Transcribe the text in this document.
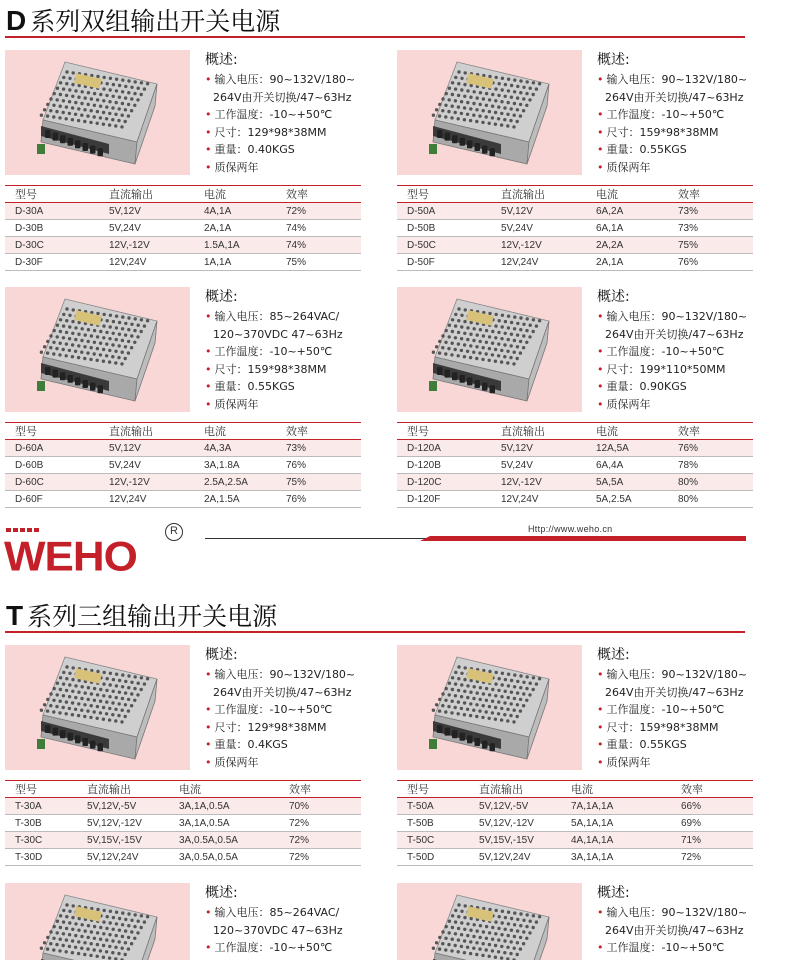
D 系列双组输出开关电源
概述:
• 输入电压：90~132V/180~
264V由开关切换/47~63Hz
• 工作温度：-10~+50℃
• 尺寸：129*98*38MM
• 重量：0.40KGS
• 质保两年
型号	直流输出	电流	效率
D-30A	5V,12V	4A,1A	72%
D-30B	5V,24V	2A,1A	74%
D-30C	12V,-12V	1.5A,1A	74%
D-30F	12V,24V	1A,1A	75%
概述:
• 输入电压：90~132V/180~
264V由开关切换/47~63Hz
• 工作温度：-10~+50℃
• 尺寸：159*98*38MM
• 重量：0.55KGS
• 质保两年
型号	直流输出	电流	效率
D-50A	5V,12V	6A,2A	73%
D-50B	5V,24V	6A,1A	73%
D-50C	12V,-12V	2A,2A	75%
D-50F	12V,24V	2A,1A	76%
概述:
• 输入电压：85~264VAC/
120~370VDC 47~63Hz
• 工作温度：-10~+50℃
• 尺寸：159*98*38MM
• 重量：0.55KGS
• 质保两年
型号	直流输出	电流	效率
D-60A	5V,12V	4A,3A	73%
D-60B	5V,24V	3A,1.8A	76%
D-60C	12V,-12V	2.5A,2.5A	75%
D-60F	12V,24V	2A,1.5A	76%
概述:
• 输入电压：90~132V/180~
264V由开关切换/47~63Hz
• 工作温度：-10~+50℃
• 尺寸：199*110*50MM
• 重量：0.90KGS
• 质保两年
型号	直流输出	电流	效率
D-120A	5V,12V	12A,5A	76%
D-120B	5V,24V	6A,4A	78%
D-120C	12V,-12V	5A,5A	80%
D-120F	12V,24V	5A,2.5A	80%
WEHO
R	Http://www.weho.cn
T 系列三组输出开关电源
概述:
• 输入电压：90~132V/180~
264V由开关切换/47~63Hz
• 工作温度：-10~+50℃
• 尺寸：129*98*38MM
• 重量：0.4KGS
• 质保两年
型号	直流输出	电流	效率
T-30A	5V,12V,-5V	3A,1A,0.5A	70%
T-30B	5V,12V,-12V	3A,1A,0.5A	72%
T-30C	5V,15V,-15V	3A,0.5A,0.5A	72%
T-30D	5V,12V,24V	3A,0.5A,0.5A	72%
概述:
• 输入电压：90~132V/180~
264V由开关切换/47~63Hz
• 工作温度：-10~+50℃
• 尺寸：159*98*38MM
• 重量：0.55KGS
• 质保两年
型号	直流输出	电流	效率
T-50A	5V,12V,-5V	7A,1A,1A	66%
T-50B	5V,12V,-12V	5A,1A,1A	69%
T-50C	5V,15V,-15V	4A,1A,1A	71%
T-50D	5V,12V,24V	3A,1A,1A	72%
概述:
• 输入电压：85~264VAC/
120~370VDC 47~63Hz
• 工作温度：-10~+50℃
概述:
• 输入电压：90~132V/180~
264V由开关切换/47~63Hz
• 工作温度：-10~+50℃
